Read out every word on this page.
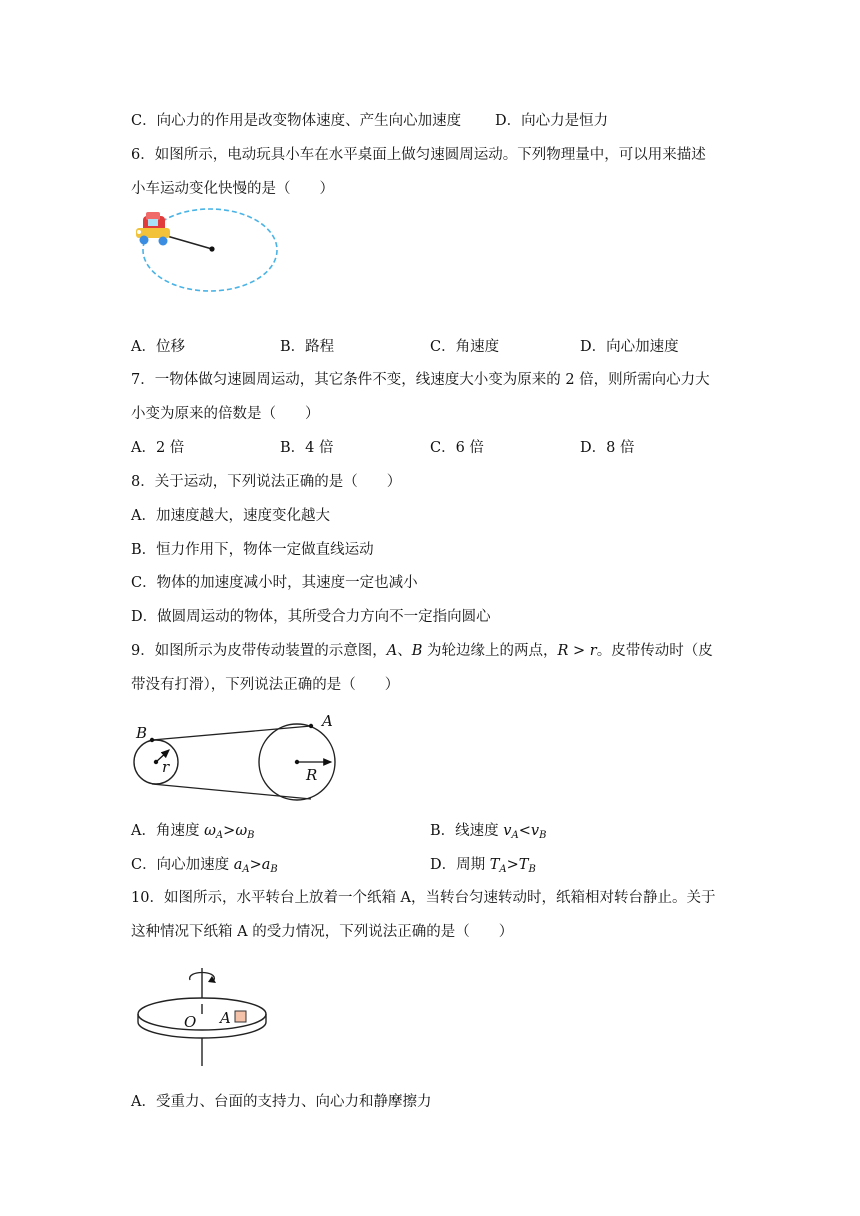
C．向心力的作用是改变物体速度、产生向心加速度 D．向心力是恒力
6．如图所示，电动玩具小车在水平桌面上做匀速圆周运动。下列物理量中，可以用来描述
小车运动变化快慢的是（　　）
A．位移	B．路程	C．角速度	D．向心加速度
7．一物体做匀速圆周运动，其它条件不变，线速度大小变为原来的 2 倍，则所需向心力大
小变为原来的倍数是（　　）
A．2 倍	B．4 倍	C．6 倍	D．8 倍
8．关于运动，下列说法正确的是（　　）
A．加速度越大，速度变化越大
B．恒力作用下，物体一定做直线运动
C．物体的加速度减小时，其速度一定也减小
D．做圆周运动的物体，其所受合力方向不一定指向圆心
9．如图所示为皮带传动装置的示意图，A、B 为轮边缘上的两点，R > r。皮带传动时（皮
带没有打滑），下列说法正确的是（　　）
B
A
r	R
A．角速度 $\omega_A>\omega_B$	B．线速度 $v_A<v_B$
C．向心加速度 $a_A>a_B$	D．周期 $T_A>T_B$
10．如图所示，水平转台上放着一个纸箱 A，当转台匀速转动时，纸箱相对转台静止。关于
这种情况下纸箱 A 的受力情况，下列说法正确的是（　　）
O A
A．受重力、台面的支持力、向心力和静摩擦力
